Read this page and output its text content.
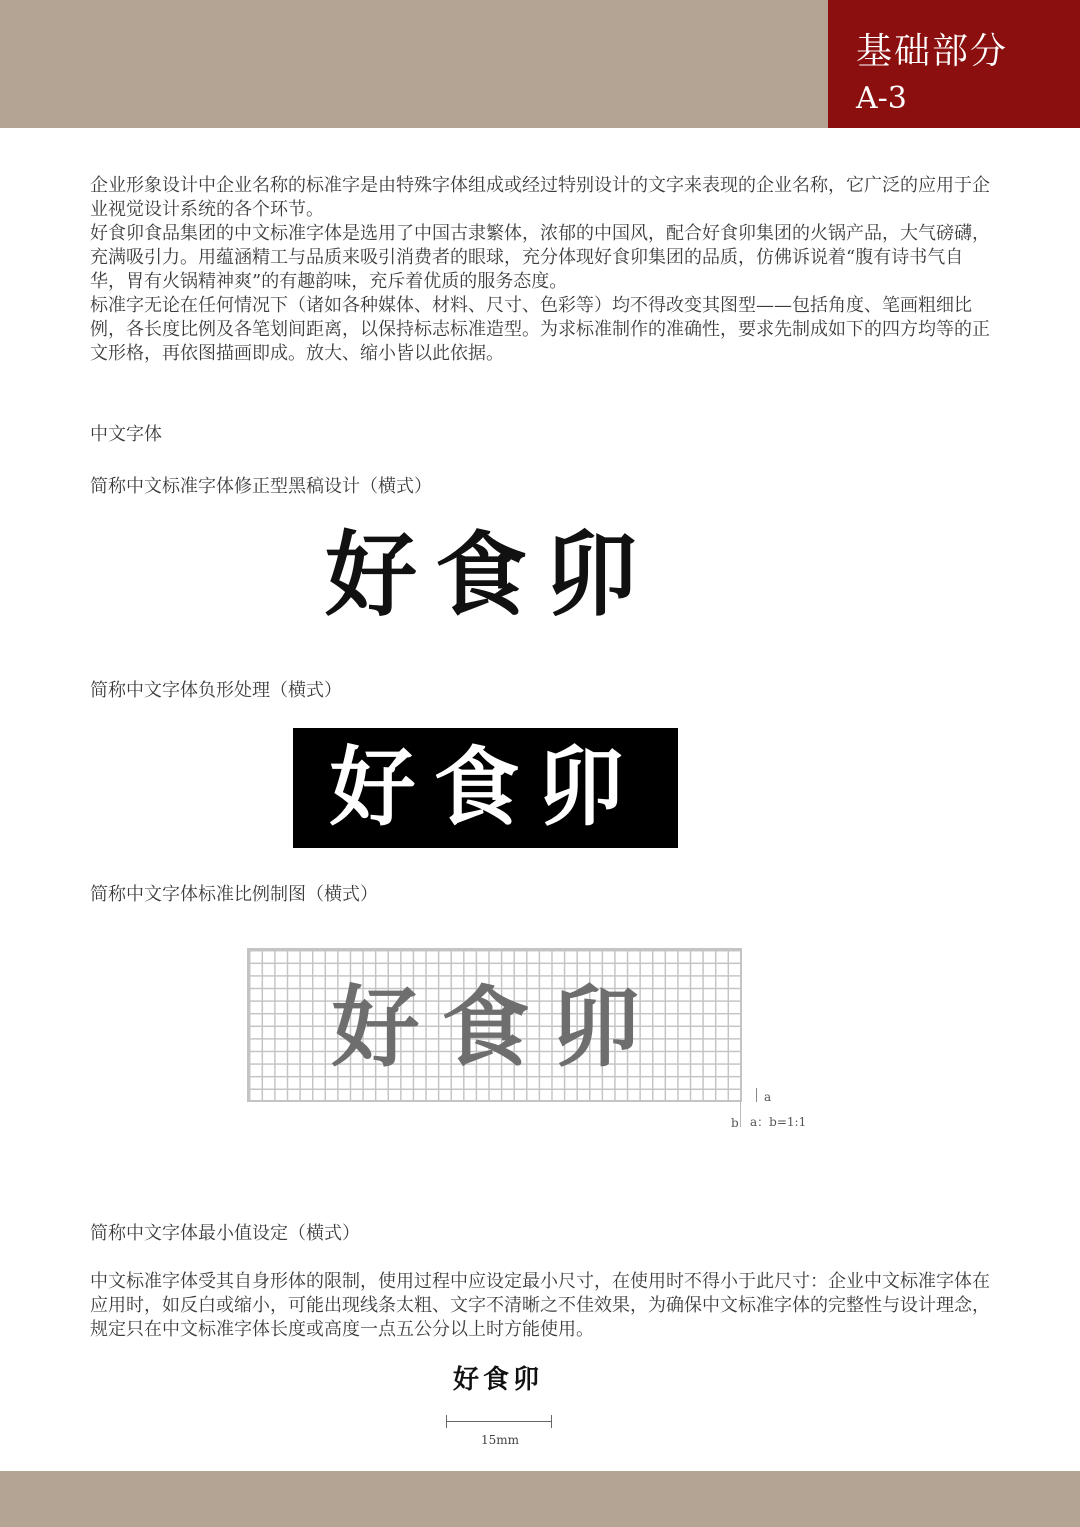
基础部分
A-3

企业形象设计中企业名称的标准字是由特殊字体组成或经过特别设计的文字来表现的企业名称，它广泛的应用于企业视觉设计系统的各个环节。

好食卯食品集团的中文标准字体是选用了中国古隶繁体，浓郁的中国风，配合好食卯集团的火锅产品，大气磅礴，充满吸引力。用蕴涵精工与品质来吸引消费者的眼球，充分体现好食卯集团的品质，仿佛诉说着“腹有诗书气自华，胃有火锅精神爽”的有趣韵味，充斥着优质的服务态度。

标准字无论在任何情况下（诸如各种媒体、材料、尺寸、色彩等）均不得改变其图型——包括角度、笔画粗细比例，各长度比例及各笔划间距离，以保持标志标准造型。为求标准制作的准确性，要求先制成如下的四方均等的正文形格，再依图描画即成。放大、缩小皆以此依据。

中文字体
简称中文标准字体修正型黑稿设计（横式）
好食卯
简称中文字体负形处理（横式）
好食卯
简称中文字体标准比例制图（横式）
好食卯
a
b a：b=1:1
简称中文字体最小值设定（横式）
中文标准字体受其自身形体的限制，使用过程中应设定最小尺寸，在使用时不得小于此尺寸：企业中文标准字体在应用时，如反白或缩小，可能出现线条太粗、文字不清晰之不佳效果，为确保中文标准字体的完整性与设计理念，规定只在中文标准字体长度或高度一点五公分以上时方能使用。
好食卯
15mm
